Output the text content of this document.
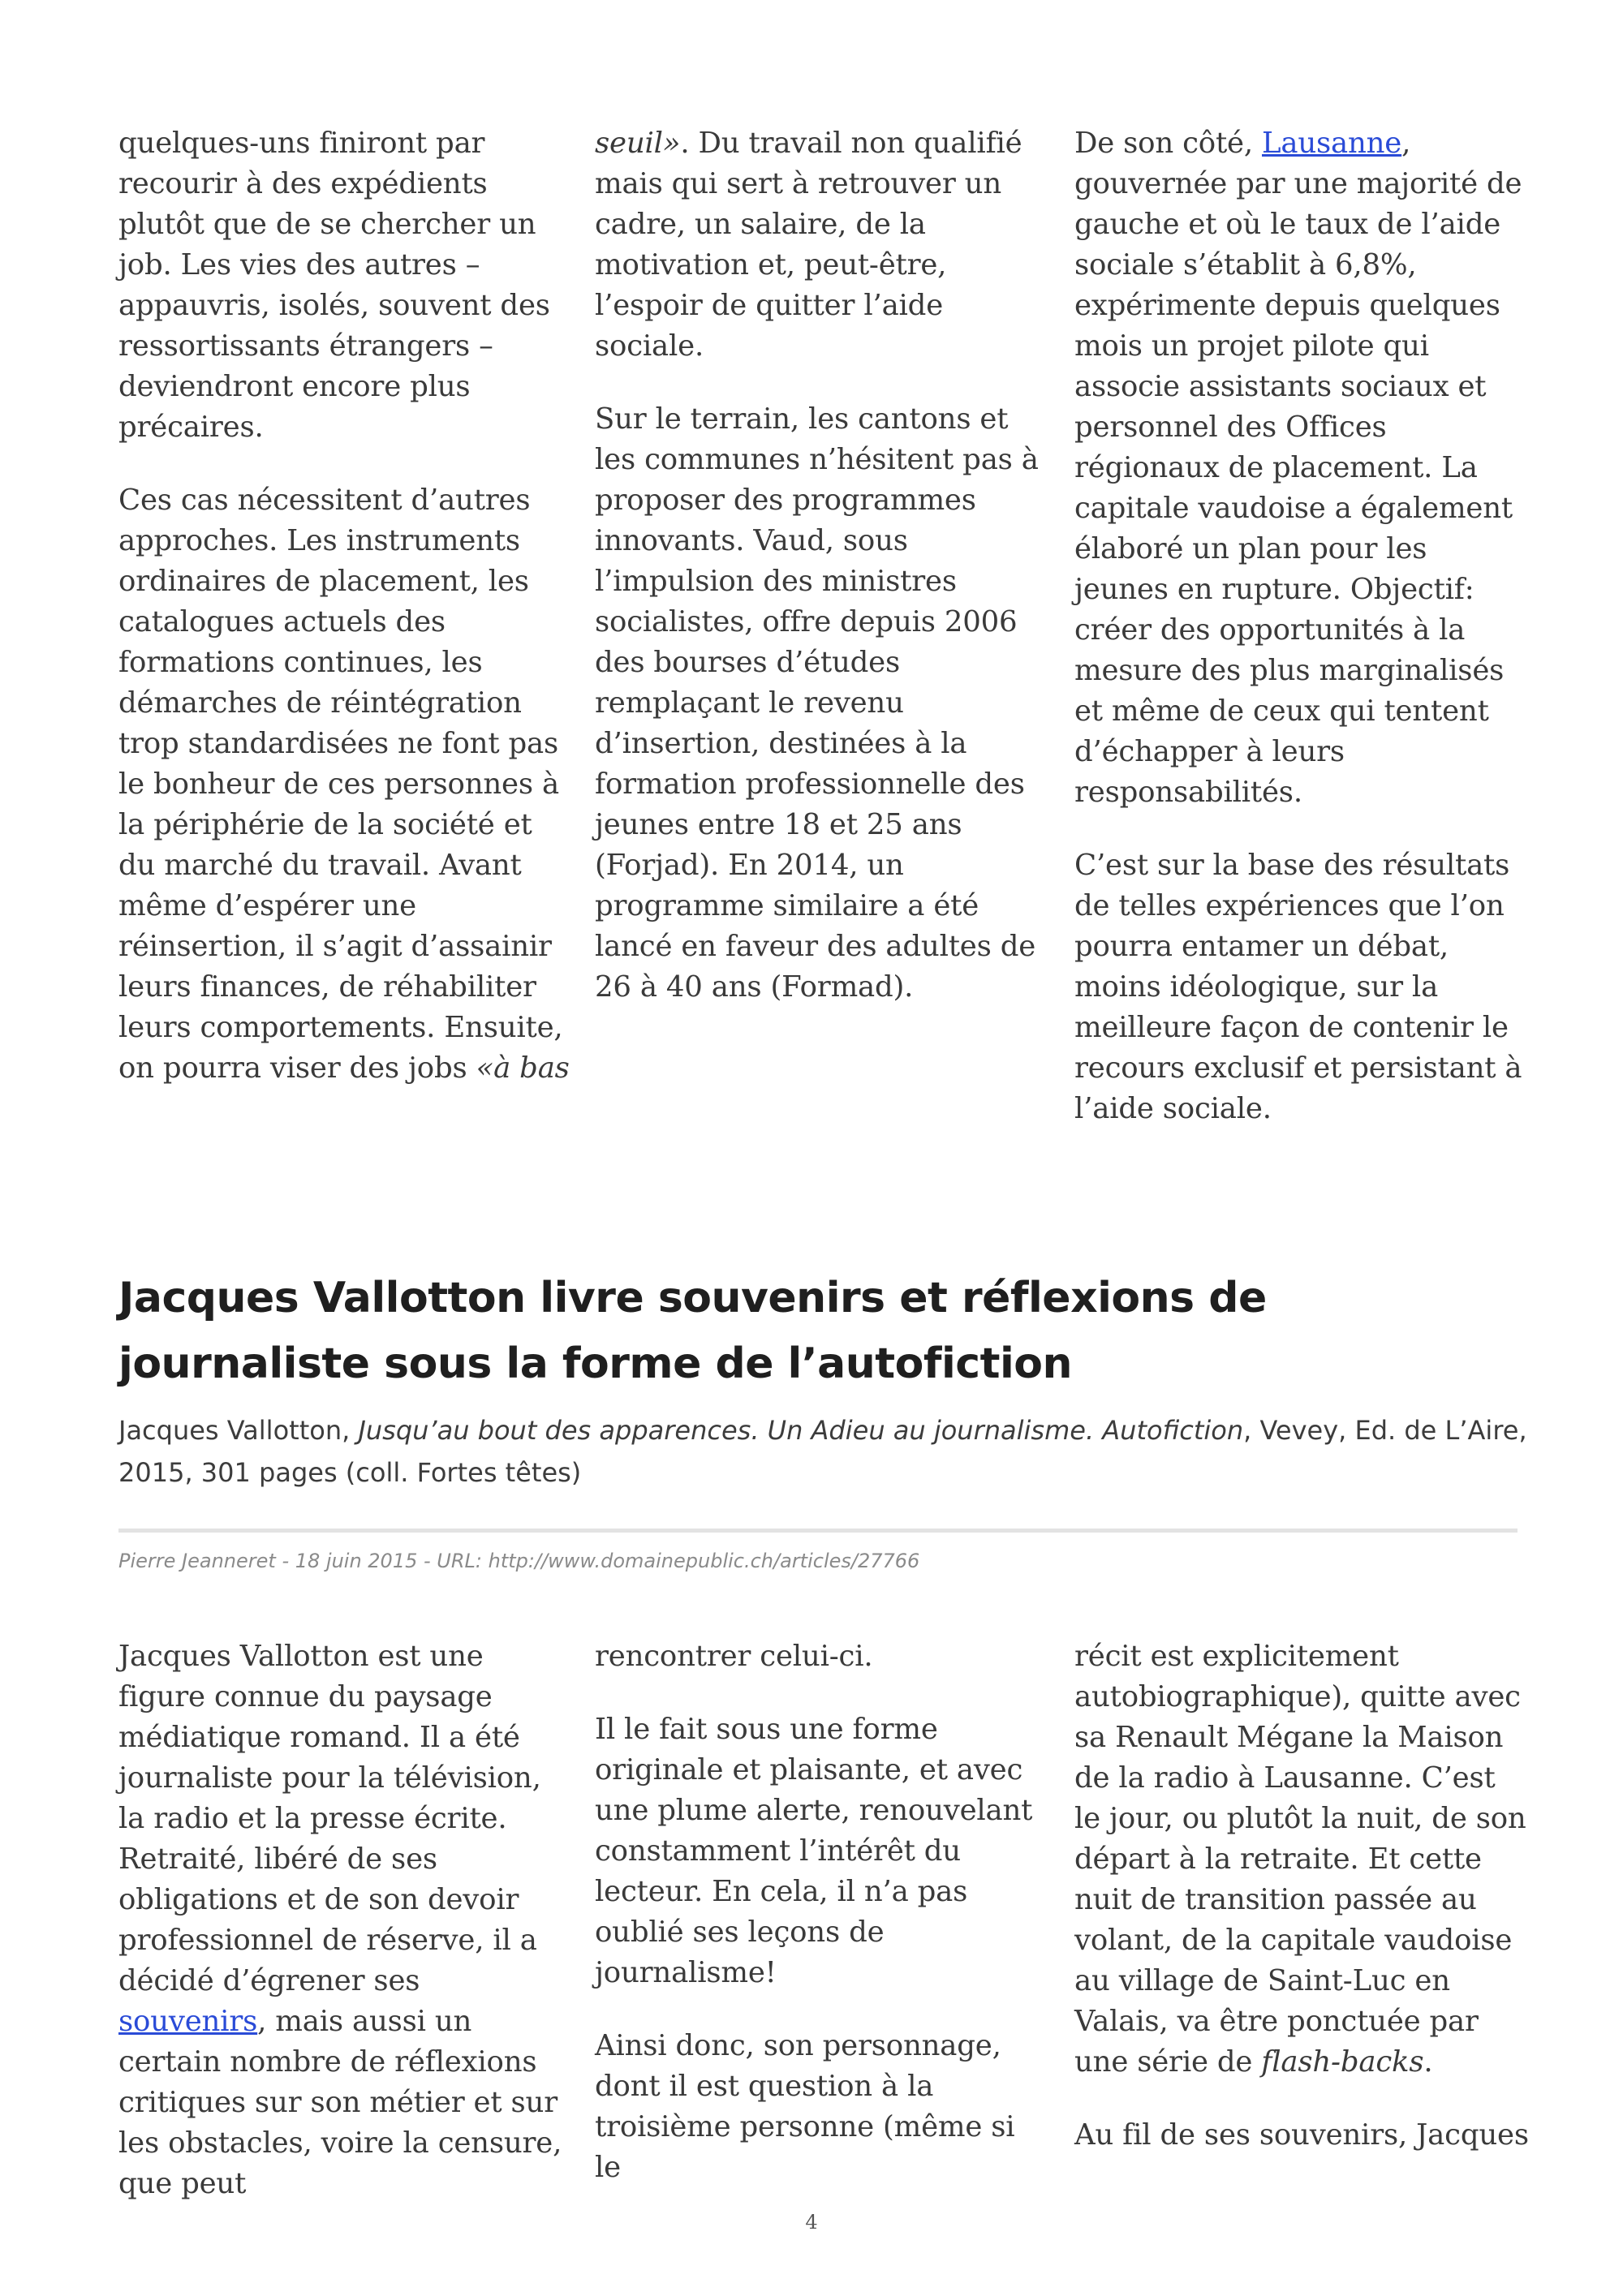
quelques-uns finiront par recourir à des expédients plutôt que de se chercher un job. Les vies des autres – appauvris, isolés, souvent des ressortissants étrangers – deviendront encore plus précaires.

Ces cas nécessitent d’autres approches. Les instruments ordinaires de placement, les catalogues actuels des formations continues, les démarches de réintégration trop standardisées ne font pas le bonheur de ces personnes à la périphérie de la société et du marché du travail. Avant même d’espérer une réinsertion, il s’agit d’assainir leurs finances, de réhabiliter leurs comportements. Ensuite, on pourra viser des jobs «à bas

seuil». Du travail non qualifié mais qui sert à retrouver un cadre, un salaire, de la motivation et, peut-être, l’espoir de quitter l’aide sociale.

Sur le terrain, les cantons et les communes n’hésitent pas à proposer des programmes innovants. Vaud, sous l’impulsion des ministres socialistes, offre depuis 2006 des bourses d’études remplaçant le revenu d’insertion, destinées à la formation professionnelle des jeunes entre 18 et 25 ans (Forjad). En 2014, un programme similaire a été lancé en faveur des adultes de 26 à 40 ans (Formad).

De son côté, Lausanne, gouvernée par une majorité de gauche et où le taux de l’aide sociale s’établit à 6,8%, expérimente depuis quelques mois un projet pilote qui associe assistants sociaux et personnel des Offices régionaux de placement. La capitale vaudoise a également élaboré un plan pour les jeunes en rupture. Objectif: créer des opportunités à la mesure des plus marginalisés et même de ceux qui tentent d’échapper à leurs responsabilités.

C’est sur la base des résultats de telles expériences que l’on pourra entamer un débat, moins idéologique, sur la meilleure façon de contenir le recours exclusif et persistant à l’aide sociale.

Jacques Vallotton livre souvenirs et réflexions de journaliste sous la forme de l’autofiction

Jacques Vallotton, Jusqu’au bout des apparences. Un Adieu au journalisme. Autofiction, Vevey, Ed. de L’Aire, 2015, 301 pages (coll. Fortes têtes)

Pierre Jeanneret - 18 juin 2015 - URL: http://www.domainepublic.ch/articles/27766

Jacques Vallotton est une figure connue du paysage médiatique romand. Il a été journaliste pour la télévision, la radio et la presse écrite. Retraité, libéré de ses obligations et de son devoir professionnel de réserve, il a décidé d’égrener ses souvenirs, mais aussi un certain nombre de réflexions critiques sur son métier et sur les obstacles, voire la censure, que peut

rencontrer celui-ci.

Il le fait sous une forme originale et plaisante, et avec une plume alerte, renouvelant constamment l’intérêt du lecteur. En cela, il n’a pas oublié ses leçons de journalisme!

Ainsi donc, son personnage, dont il est question à la troisième personne (même si le

récit est explicitement autobiographique), quitte avec sa Renault Mégane la Maison de la radio à Lausanne. C’est le jour, ou plutôt la nuit, de son départ à la retraite. Et cette nuit de transition passée au volant, de la capitale vaudoise au village de Saint-Luc en Valais, va être ponctuée par une série de flash-backs.

Au fil de ses souvenirs, Jacques

4
